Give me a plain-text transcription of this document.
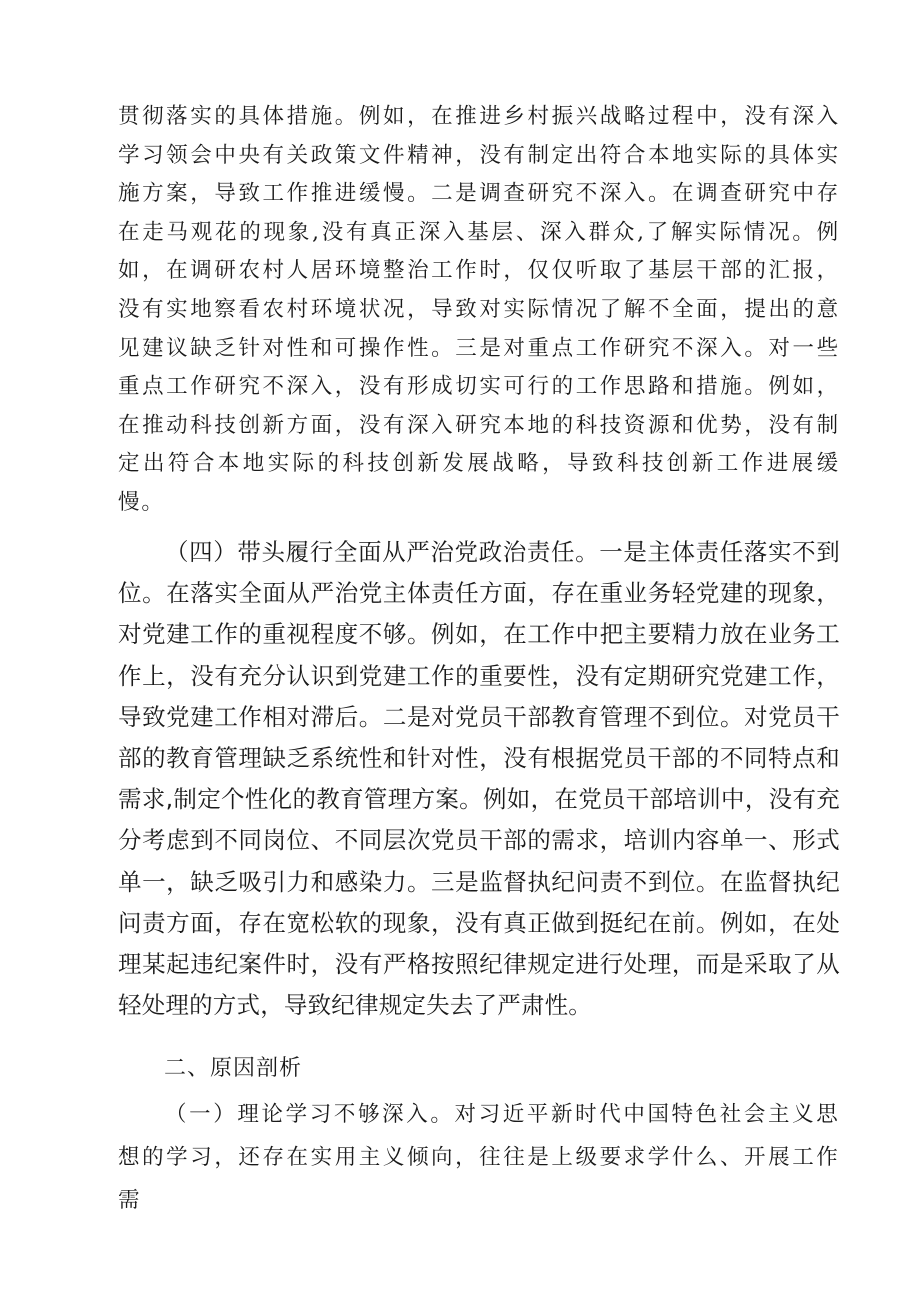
贯彻落实的具体措施。例如，在推进乡村振兴战略过程中，没有深入学习领会中央有关政策文件精神，没有制定出符合本地实际的具体实施方案，导致工作推进缓慢。二是调查研究不深入。在调查研究中存在走马观花的现象,没有真正深入基层、深入群众,了解实际情况。例如，在调研农村人居环境整治工作时，仅仅听取了基层干部的汇报，没有实地察看农村环境状况，导致对实际情况了解不全面，提出的意见建议缺乏针对性和可操作性。三是对重点工作研究不深入。对一些重点工作研究不深入，没有形成切实可行的工作思路和措施。例如，在推动科技创新方面，没有深入研究本地的科技资源和优势，没有制定出符合本地实际的科技创新发展战略，导致科技创新工作进展缓慢。

（四）带头履行全面从严治党政治责任。一是主体责任落实不到位。在落实全面从严治党主体责任方面，存在重业务轻党建的现象，对党建工作的重视程度不够。例如，在工作中把主要精力放在业务工作上，没有充分认识到党建工作的重要性，没有定期研究党建工作，导致党建工作相对滞后。二是对党员干部教育管理不到位。对党员干部的教育管理缺乏系统性和针对性，没有根据党员干部的不同特点和需求,制定个性化的教育管理方案。例如，在党员干部培训中，没有充分考虑到不同岗位、不同层次党员干部的需求，培训内容单一、形式单一，缺乏吸引力和感染力。三是监督执纪问责不到位。在监督执纪问责方面，存在宽松软的现象，没有真正做到挺纪在前。例如，在处理某起违纪案件时，没有严格按照纪律规定进行处理，而是采取了从轻处理的方式，导致纪律规定失去了严肃性。

二、原因剖析

（一）理论学习不够深入。对习近平新时代中国特色社会主义思想的学习，还存在实用主义倾向，往往是上级要求学什么、开展工作需
